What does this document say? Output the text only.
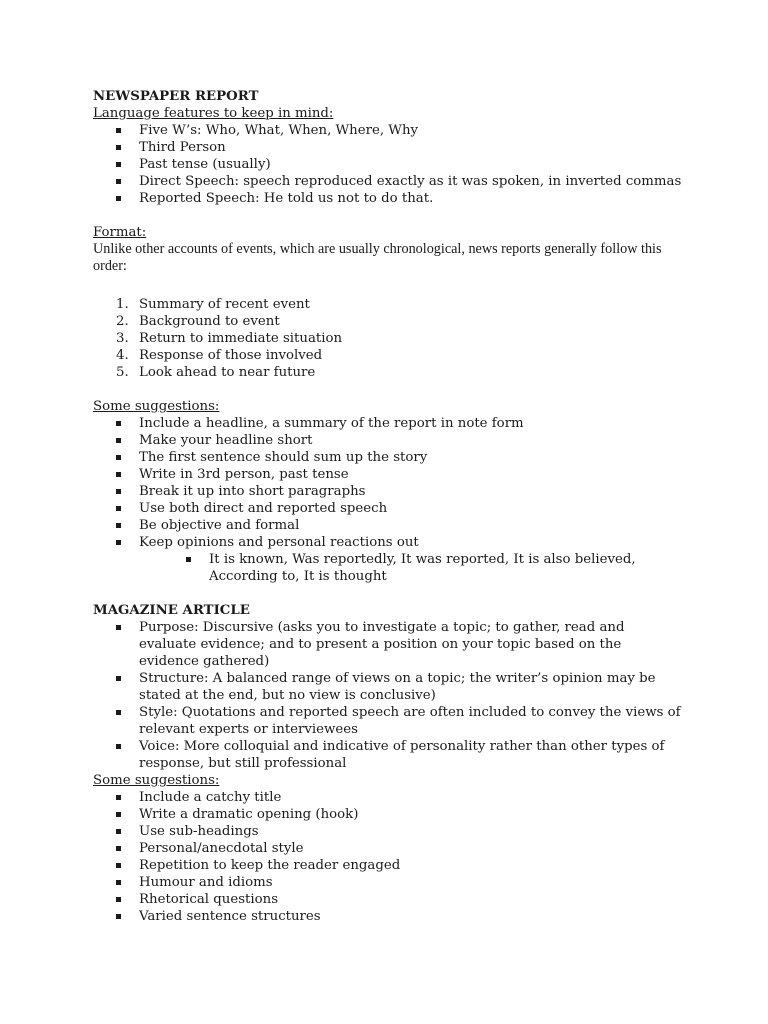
NEWSPAPER REPORT

Language features to keep in mind:

Five W’s: Who, What, When, Where, Why
Third Person
Past tense (usually)
Direct Speech: speech reproduced exactly as it was spoken, in inverted commas
Reported Speech: He told us not to do that.

Format:

Unlike other accounts of events, which are usually chronological, news reports generally follow this order:

1. Summary of recent event
2. Background to event
3. Return to immediate situation
4. Response of those involved
5. Look ahead to near future

Some suggestions:

Include a headline, a summary of the report in note form
Make your headline short
The first sentence should sum up the story
Write in 3rd person, past tense
Break it up into short paragraphs
Use both direct and reported speech
Be objective and formal
Keep opinions and personal reactions out
It is known, Was reportedly, It was reported, It is also believed, According to, It is thought

MAGAZINE ARTICLE

Purpose: Discursive (asks you to investigate a topic; to gather, read and evaluate evidence; and to present a position on your topic based on the evidence gathered)
Structure: A balanced range of views on a topic; the writer’s opinion may be stated at the end, but no view is conclusive)
Style: Quotations and reported speech are often included to convey the views of relevant experts or interviewees
Voice: More colloquial and indicative of personality rather than other types of response, but still professional

Some suggestions:

Include a catchy title
Write a dramatic opening (hook)
Use sub-headings
Personal/anecdotal style
Repetition to keep the reader engaged
Humour and idioms
Rhetorical questions
Varied sentence structures
